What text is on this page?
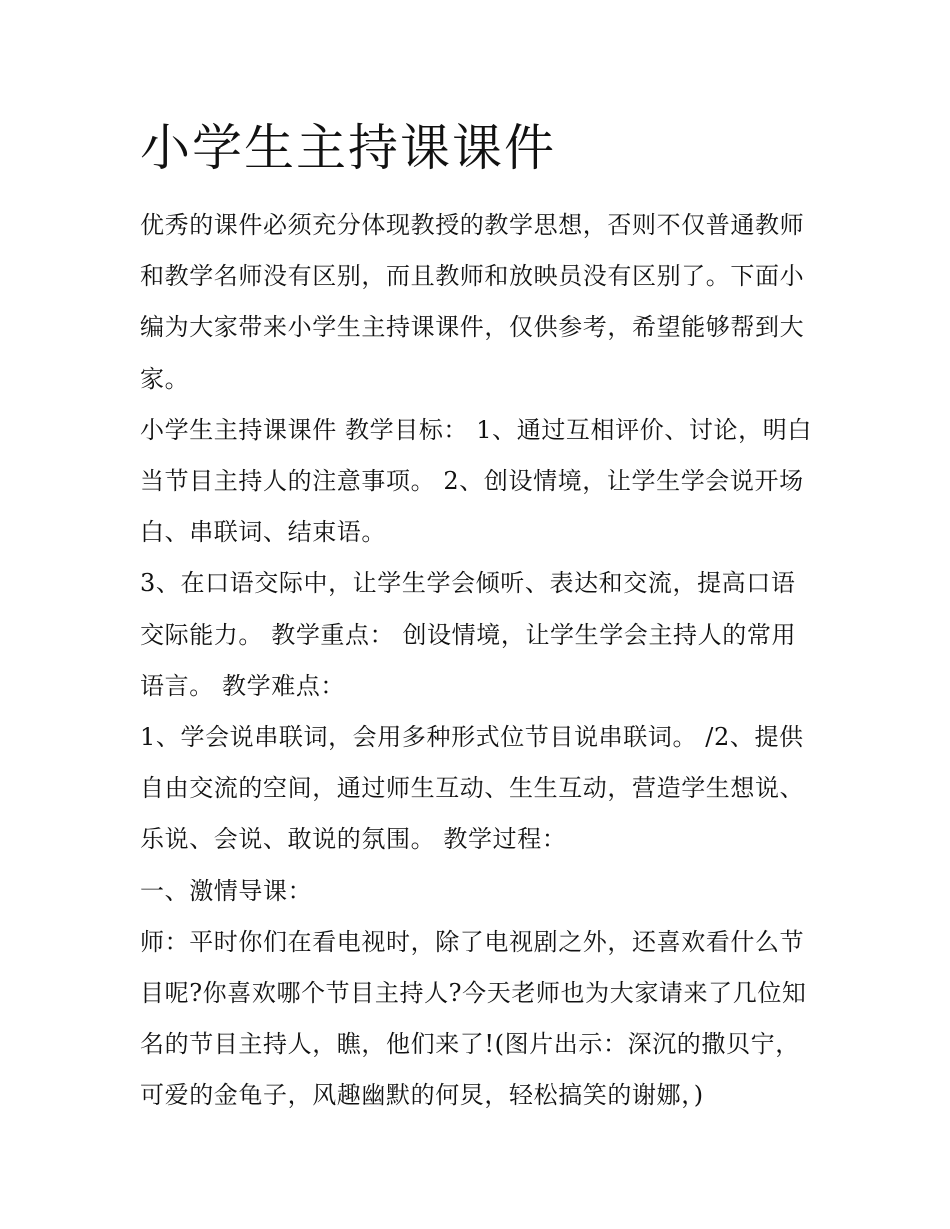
小学生主持课课件

优秀的课件必须充分体现教授的教学思想，否则不仅普通教师和教学名师没有区别，而且教师和放映员没有区别了。下面小编为大家带来小学生主持课课件，仅供参考，希望能够帮到大家。

小学生主持课课件 教学目标： 1、通过互相评价、讨论，明白当节目主持人的注意事项。 2、创设情境，让学生学会说开场白、串联词、结束语。

3、在口语交际中，让学生学会倾听、表达和交流，提高口语交际能力。 教学重点： 创设情境，让学生学会主持人的常用语言。 教学难点：

1、学会说串联词，会用多种形式位节目说串联词。 /2、提供自由交流的空间，通过师生互动、生生互动，营造学生想说、乐说、会说、敢说的氛围。 教学过程：

一、激情导课：

师：平时你们在看电视时，除了电视剧之外，还喜欢看什么节目呢?你喜欢哪个节目主持人?今天老师也为大家请来了几位知名的节目主持人，瞧，他们来了!(图片出示：深沉的撒贝宁，可爱的金龟子，风趣幽默的何炅，轻松搞笑的谢娜，)
